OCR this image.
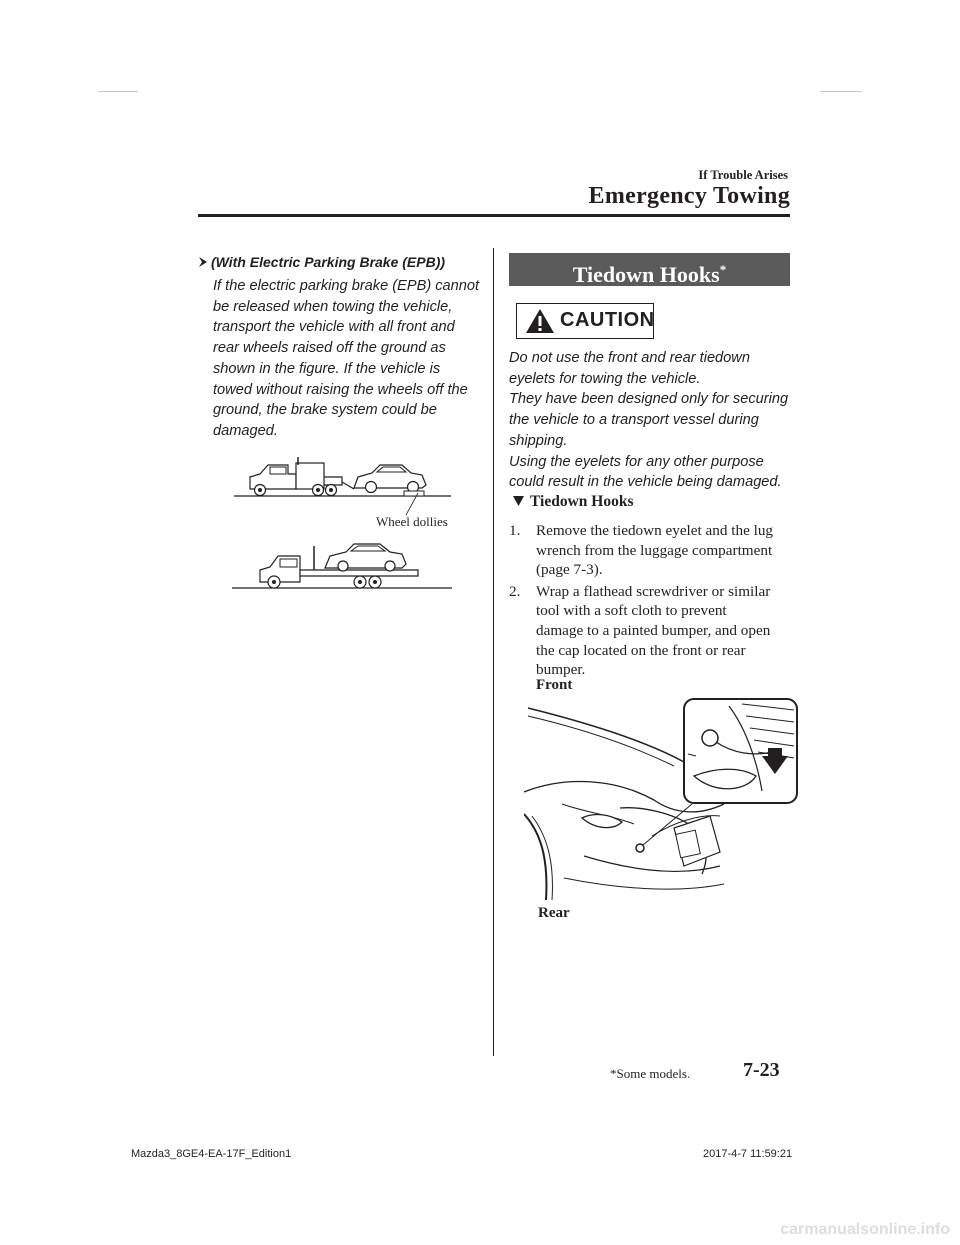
If Trouble Arises
Emergency Towing
(With Electric Parking Brake (EPB))
If the electric parking brake (EPB) cannot
be released when towing the vehicle,
transport the vehicle with all front and
rear wheels raised off the ground as
shown in the figure. If the vehicle is
towed without raising the wheels off the
ground, the brake system could be
damaged.
Wheel dollies
Tiedown Hooks*
CAUTION
Do not use the front and rear tiedown
eyelets for towing the vehicle.
They have been designed only for securing
the vehicle to a transport vessel during
shipping.
Using the eyelets for any other purpose
could result in the vehicle being damaged.
Tiedown Hooks
1.	Remove the tiedown eyelet and the lug
wrench from the luggage compartment
(page 7-3).
2.	Wrap a flathead screwdriver or similar
tool with a soft cloth to prevent
damage to a painted bumper, and open
the cap located on the front or rear
bumper.
Front
Rear
*Some models.	7-23
Mazda3_8GE4-EA-17F_Edition1	2017-4-7 11:59:21
carmanualsonline.info
